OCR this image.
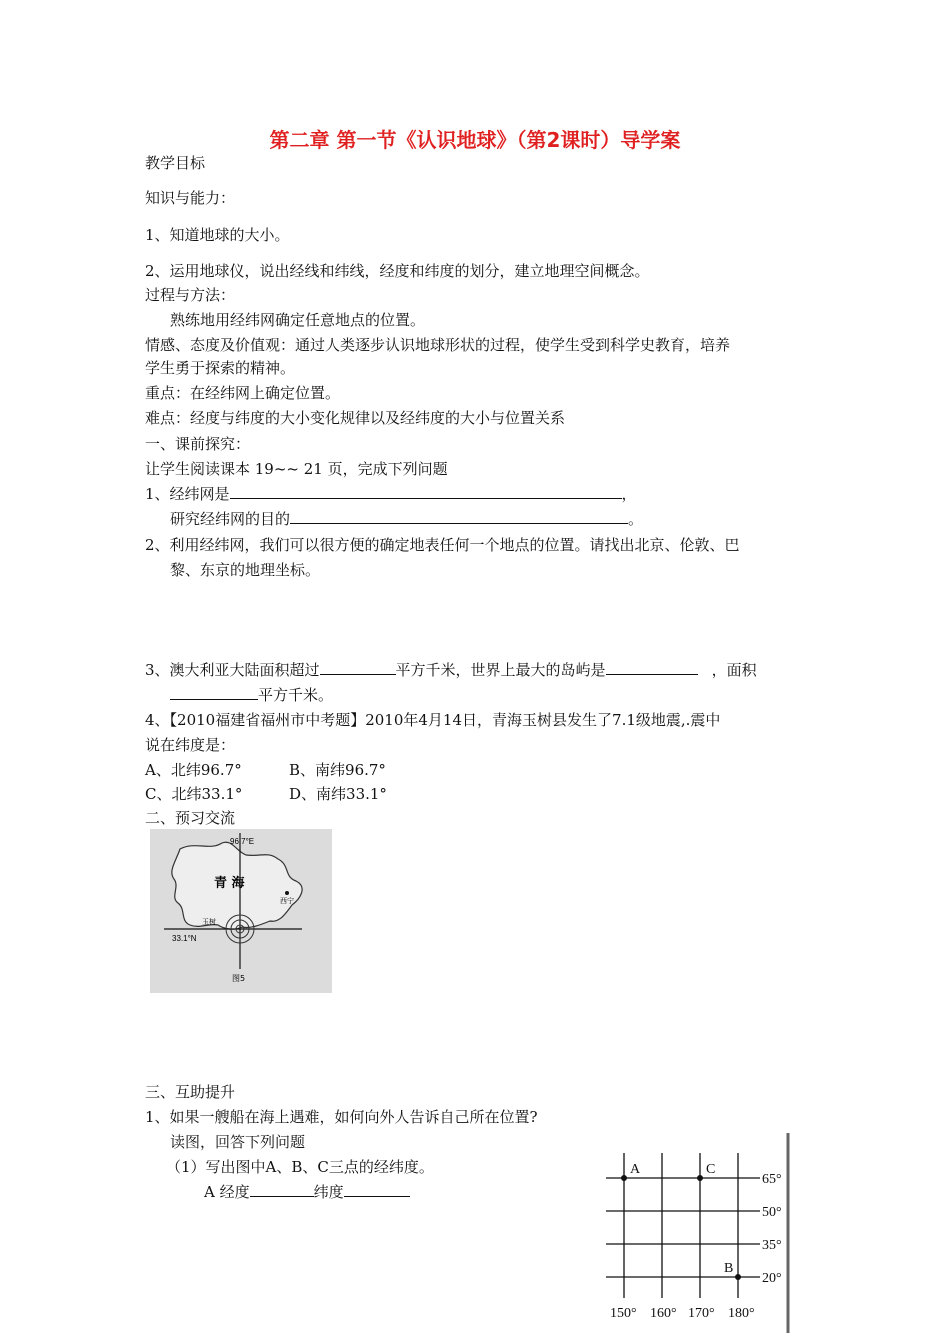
第二章 第一节《认识地球》（第2课时）导学案
教学目标
知识与能力：
1、知道地球的大小。
2、运用地球仪，说出经线和纬线，经度和纬度的划分，建立地理空间概念。
过程与方法：
熟练地用经纬网确定任意地点的位置。
情感、态度及价值观：通过人类逐步认识地球形状的过程，使学生受到科学史教育，培养
学生勇于探索的精神。
重点：在经纬网上确定位置。
难点：经度与纬度的大小变化规律以及经纬度的大小与位置关系
一、课前探究：
让学生阅读课本 19~~ 21 页，完成下列问题
1、经纬网是	，
研究经纬网的目的	。
2、利用经纬网，我们可以很方便的确定地表任何一个地点的位置。请找出北京、伦敦、巴
黎、东京的地理坐标。
3、澳大利亚大陆面积超过	平方千米，世界上最大的岛屿是	，面积
平方千米。
4、【2010福建省福州市中考题】2010年4月14日，青海玉树县发生了7.1级地震,.震中
说在纬度是：
A、北纬96.7°	B、南纬96.7°
C、北纬33.1°	D、南纬33.1°
二、预习交流
96.7°E
青 海
西宁
玉树
33.1°N
图5
三、互助提升
1、如果一艘船在海上遇难，如何向外人告诉自己所在位置?
读图，回答下列问题
（1）写出图中A、B、C三点的经纬度。
A 经度	纬度
A	C
B
65°
50°
35°
20°
150° 160° 170° 180°
